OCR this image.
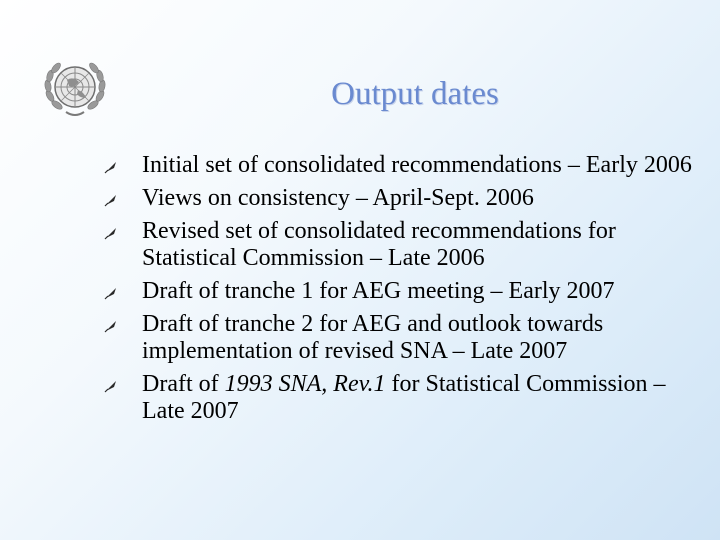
Output dates
Initial set of consolidated recommendations – Early 2006
Views on consistency – April-Sept. 2006
Revised set of consolidated recommendations for Statistical Commission – Late 2006
Draft of tranche 1 for AEG meeting – Early 2007
Draft of tranche 2 for AEG and outlook towards implementation of revised SNA – Late 2007
Draft of 1993 SNA, Rev.1 for Statistical Commission – Late 2007
